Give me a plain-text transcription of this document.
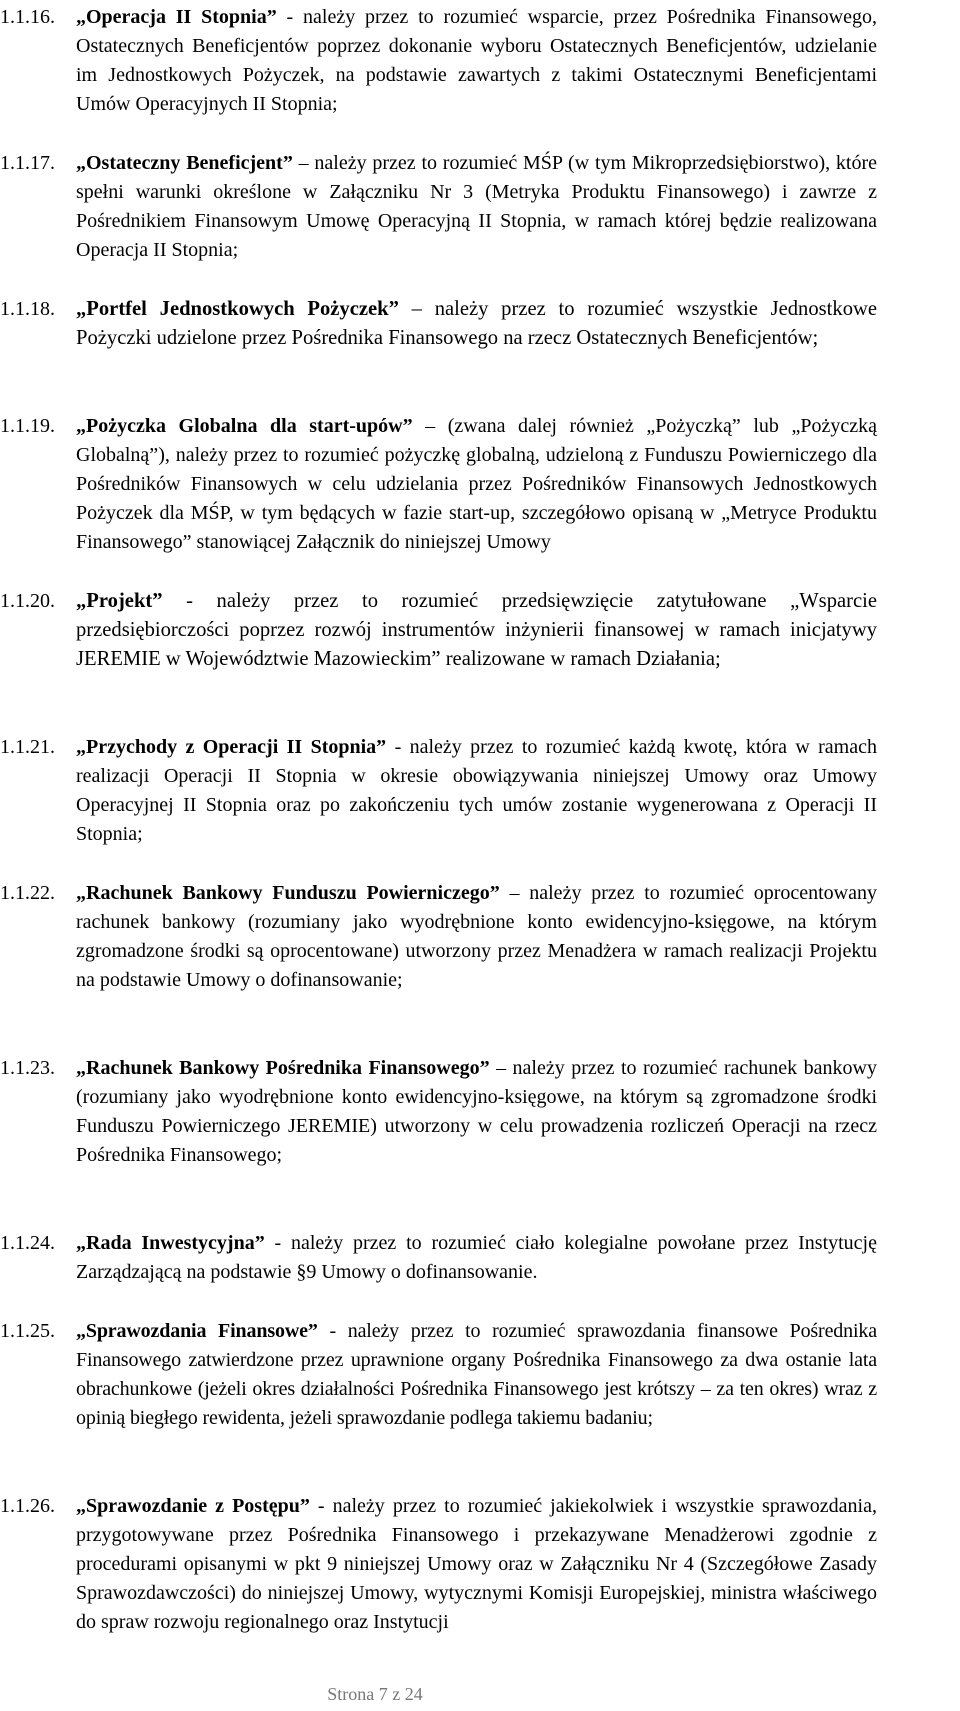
1.1.16. „Operacja II Stopnia” - należy przez to rozumieć wsparcie, przez Pośrednika Finansowego, Ostatecznych Beneficjentów poprzez dokonanie wyboru Ostatecznych Beneficjentów, udzielanie im Jednostkowych Pożyczek, na podstawie zawartych z takimi Ostatecznymi Beneficjentami Umów Operacyjnych II Stopnia;
1.1.17. „Ostateczny Beneficjent” – należy przez to rozumieć MŚP (w tym Mikroprzedsiębiorstwo), które spełni warunki określone w Załączniku Nr 3 (Metryka Produktu Finansowego) i zawrze z Pośrednikiem Finansowym Umowę Operacyjną II Stopnia, w ramach której będzie realizowana Operacja II Stopnia;
1.1.18. „Portfel Jednostkowych Pożyczek” – należy przez to rozumieć wszystkie Jednostkowe Pożyczki udzielone przez Pośrednika Finansowego na rzecz Ostatecznych Beneficjentów;
1.1.19. „Pożyczka Globalna dla start-upów” – (zwana dalej również „Pożyczką” lub „Pożyczką Globalną”), należy przez to rozumieć pożyczkę globalną, udzieloną z Funduszu Powierniczego dla Pośredników Finansowych w celu udzielania przez Pośredników Finansowych Jednostkowych Pożyczek dla MŚP, w tym będących w fazie start-up, szczegółowo opisaną w „Metryce Produktu Finansowego” stanowiącej Załącznik do niniejszej Umowy
1.1.20. „Projekt” - należy przez to rozumieć przedsięwzięcie zatytułowane „Wsparcie przedsiębiorczości poprzez rozwój instrumentów inżynierii finansowej w ramach inicjatywy JEREMIE w Województwie Mazowieckim” realizowane w ramach Działania;
1.1.21. „Przychody z Operacji II Stopnia” - należy przez to rozumieć każdą kwotę, która w ramach realizacji Operacji II Stopnia w okresie obowiązywania niniejszej Umowy oraz Umowy Operacyjnej II Stopnia oraz po zakończeniu tych umów zostanie wygenerowana z Operacji II Stopnia;
1.1.22. „Rachunek Bankowy Funduszu Powierniczego” – należy przez to rozumieć oprocentowany rachunek bankowy (rozumiany jako wyodrębnione konto ewidencyjno-księgowe, na którym zgromadzone środki są oprocentowane) utworzony przez Menadżera w ramach realizacji Projektu na podstawie Umowy o dofinansowanie;
1.1.23. „Rachunek Bankowy Pośrednika Finansowego” – należy przez to rozumieć rachunek bankowy (rozumiany jako wyodrębnione konto ewidencyjno-księgowe, na którym są zgromadzone środki Funduszu Powierniczego JEREMIE) utworzony w celu prowadzenia rozliczeń Operacji na rzecz Pośrednika Finansowego;
1.1.24. „Rada Inwestycyjna” - należy przez to rozumieć ciało kolegialne powołane przez Instytucję Zarządzającą na podstawie §9 Umowy o dofinansowanie.
1.1.25. „Sprawozdania Finansowe” - należy przez to rozumieć sprawozdania finansowe Pośrednika Finansowego zatwierdzone przez uprawnione organy Pośrednika Finansowego za dwa ostanie lata obrachunkowe (jeżeli okres działalności Pośrednika Finansowego jest krótszy – za ten okres) wraz z opinią biegłego rewidenta, jeżeli sprawozdanie podlega takiemu badaniu;
1.1.26. „Sprawozdanie z Postępu” - należy przez to rozumieć jakiekolwiek i wszystkie sprawozdania, przygotowywane przez Pośrednika Finansowego i przekazywane Menadżerowi zgodnie z procedurami opisanymi w pkt 9 niniejszej Umowy oraz w Załączniku Nr 4 (Szczegółowe Zasady Sprawozdawczości) do niniejszej Umowy, wytycznymi Komisji Europejskiej, ministra właściwego do spraw rozwoju regionalnego oraz Instytucji
Strona 7 z 24
